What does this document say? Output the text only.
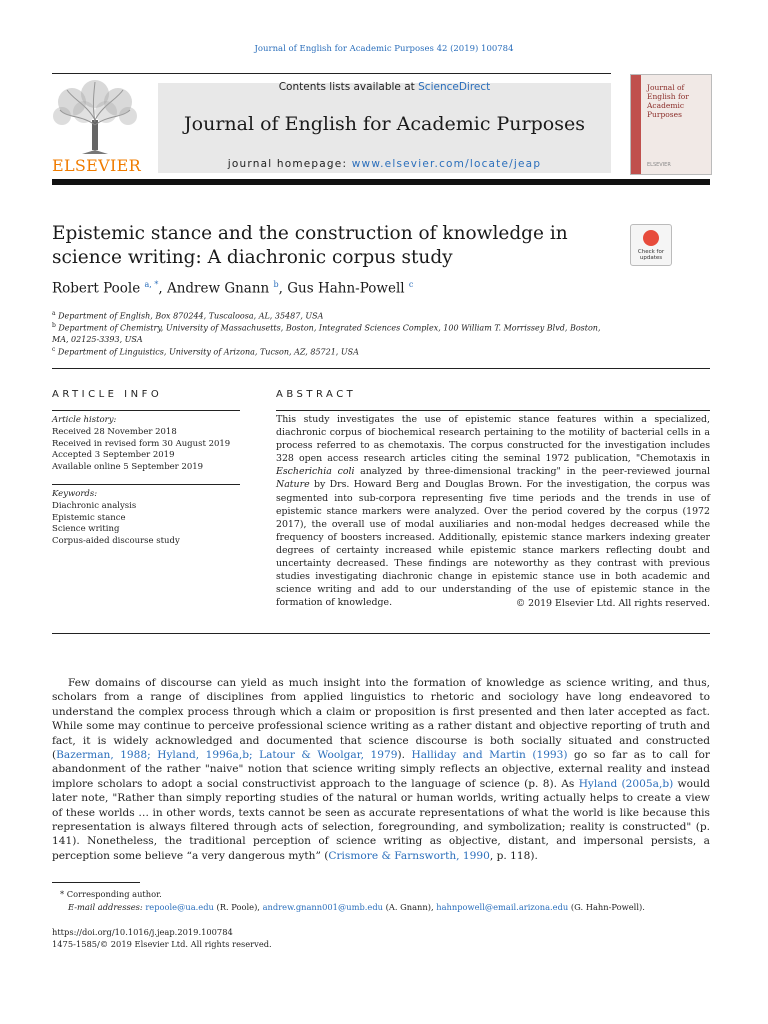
Journal of English for Academic Purposes 42 (2019) 100784
ELSEVIER
Contents lists available at ScienceDirect
Journal of English for Academic Purposes
journal homepage: www.elsevier.com/locate/jeap
Journal of
English for Academic Purposes
ELSEVIER
Epistemic stance and the construction of knowledge in science writing: A diachronic corpus study	Check for updates
Robert Poole $^{a, *}$, Andrew Gnann $^b$, Gus Hahn-Powell $^c$
$^a$ Department of English, Box 870244, Tuscaloosa, AL, 35487, USA
$^b$ Department of Chemistry, University of Massachusetts, Boston, Integrated Sciences Complex, 100 William T. Morrissey Blvd, Boston, MA, 02125-3393, USA
$^c$ Department of Linguistics, University of Arizona, Tucson, AZ, 85721, USA
ARTICLE INFO
Article history:
Received 28 November 2018
Received in revised form 30 August 2019
Accepted 3 September 2019
Available online 5 September 2019
Keywords:
Diachronic analysis
Epistemic stance
Science writing
Corpus-aided discourse study
ABSTRACT
This study investigates the use of epistemic stance features within a specialized, diachronic corpus of biochemical research pertaining to the motility of bacterial cells in a process referred to as chemotaxis. The corpus constructed for the investigation includes 328 open access research articles citing the seminal 1972 publication, "Chemotaxis in Escherichia coli analyzed by three-dimensional tracking" in the peer-reviewed journal Nature by Drs. Howard Berg and Douglas Brown. For the investigation, the corpus was segmented into sub-corpora representing five time periods and the trends in use of epistemic stance markers were analyzed. Over the period covered by the corpus (1972 2017), the overall use of modal auxiliaries and non-modal hedges decreased while the frequency of boosters increased. Additionally, epistemic stance markers indexing greater degrees of certainty increased while epistemic stance markers reflecting doubt and uncertainty decreased. These findings are noteworthy as they contrast with previous studies investigating diachronic change in epistemic stance use in both academic and science writing and add to our understanding of the use of epistemic stance in the formation of knowledge.	© 2019 Elsevier Ltd. All rights reserved.
Few domains of discourse can yield as much insight into the formation of knowledge as science writing, and thus, scholars from a range of disciplines from applied linguistics to rhetoric and sociology have long endeavored to understand the complex process through which a claim or proposition is first presented and then later accepted as fact. While some may continue to perceive professional science writing as a rather distant and objective reporting of truth and fact, it is widely acknowledged and documented that science discourse is both socially situated and constructed (Bazerman, 1988; Hyland, 1996a,b; Latour & Woolgar, 1979). Halliday and Martin (1993) go so far as to call for abandonment of the rather "naive" notion that science writing simply reflects an objective, external reality and instead implore scholars to adopt a social constructivist approach to the language of science (p. 8). As Hyland (2005a,b) would later note, "Rather than simply reporting studies of the natural or human worlds, writing actually helps to create a view of these worlds … in other words, texts cannot be seen as accurate representations of what the world is like because this representation is always filtered through acts of selection, foregrounding, and symbolization; reality is constructed" (p. 141). Nonetheless, the traditional perception of science writing as objective, distant, and impersonal persists, a perception some believe “a very dangerous myth” (Crismore & Farnsworth, 1990, p. 118).
* Corresponding author.
E-mail addresses: repoole@ua.edu (R. Poole), andrew.gnann001@umb.edu (A. Gnann), hahnpowell@email.arizona.edu (G. Hahn-Powell).
https://doi.org/10.1016/j.jeap.2019.100784
1475-1585/© 2019 Elsevier Ltd. All rights reserved.
